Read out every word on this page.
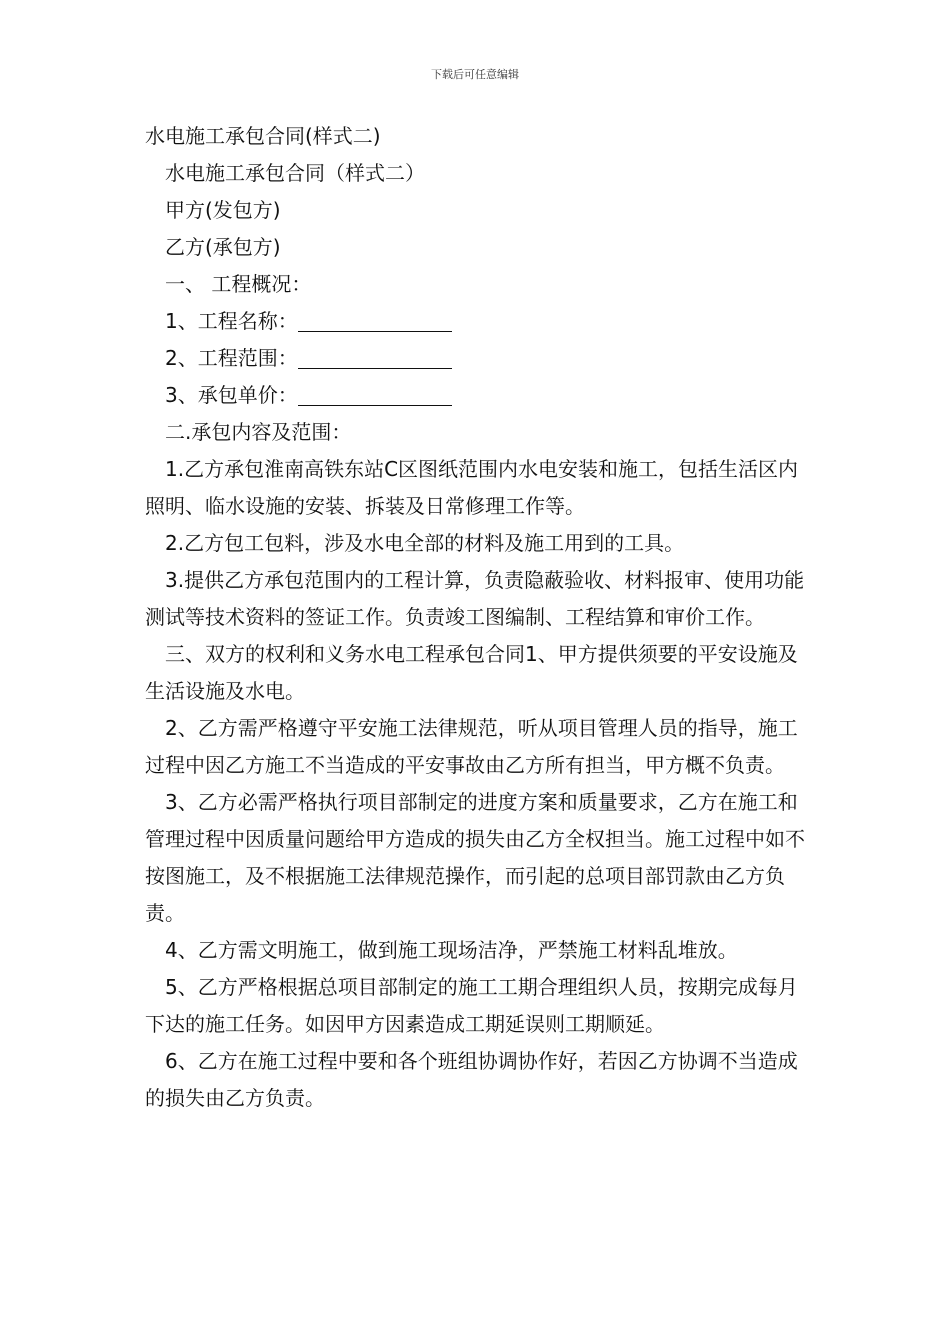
下载后可任意编辑

水电施工承包合同(样式二)

水电施工承包合同（样式二）

甲方(发包方)

乙方(承包方)

一、 工程概况：

1、工程名称：

2、工程范围：

3、承包单价：

二.承包内容及范围：

1.乙方承包淮南高铁东站C区图纸范围内水电安装和施工，包括生活区内照明、临水设施的安装、拆装及日常修理工作等。

2.乙方包工包料，涉及水电全部的材料及施工用到的工具。

3.提供乙方承包范围内的工程计算，负责隐蔽验收、材料报审、使用功能测试等技术资料的签证工作。负责竣工图编制、工程结算和审价工作。

三、双方的权利和义务水电工程承包合同1、甲方提供须要的平安设施及生活设施及水电。

2、乙方需严格遵守平安施工法律规范，听从项目管理人员的指导，施工过程中因乙方施工不当造成的平安事故由乙方所有担当，甲方概不负责。

3、乙方必需严格执行项目部制定的进度方案和质量要求，乙方在施工和管理过程中因质量问题给甲方造成的损失由乙方全权担当。施工过程中如不按图施工，及不根据施工法律规范操作，而引起的总项目部罚款由乙方负责。

4、乙方需文明施工，做到施工现场洁净，严禁施工材料乱堆放。

5、乙方严格根据总项目部制定的施工工期合理组织人员，按期完成每月下达的施工任务。如因甲方因素造成工期延误则工期顺延。

6、乙方在施工过程中要和各个班组协调协作好，若因乙方协调不当造成的损失由乙方负责。
